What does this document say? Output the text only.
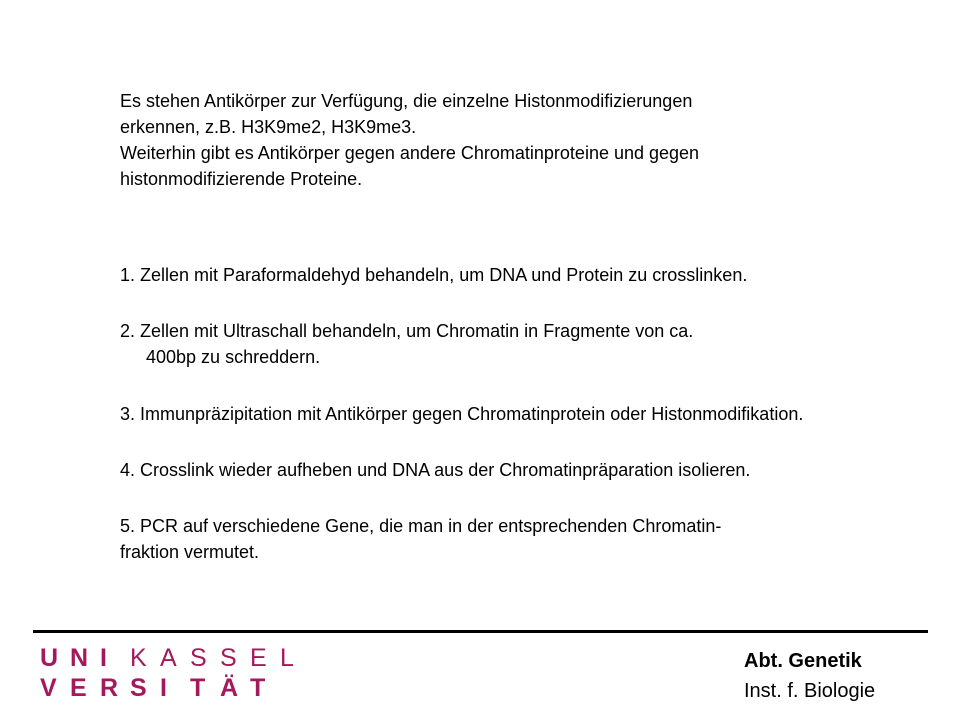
Es stehen Antikörper zur Verfügung, die einzelne Histonmodifizierungen

erkennen, z.B. H3K9me2, H3K9me3.

Weiterhin gibt es Antikörper gegen andere Chromatinproteine und gegen

histonmodifizierende Proteine.

1. Zellen mit Paraformaldehyd behandeln, um DNA und Protein zu crosslinken.

2. Zellen mit Ultraschall behandeln, um Chromatin in Fragmente von ca.

400bp zu schreddern.

3. Immunpräzipitation mit Antikörper gegen Chromatinprotein oder Histonmodifikation.

4. Crosslink wieder aufheben und DNA aus der Chromatinpräparation isolieren.

5. PCR auf verschiedene Gene, die man in der entsprechenden Chromatin-

fraktion vermutet.

U N I K A S S E L
V E R S I T Ä T
Abt. Genetik
Inst. f. Biologie
